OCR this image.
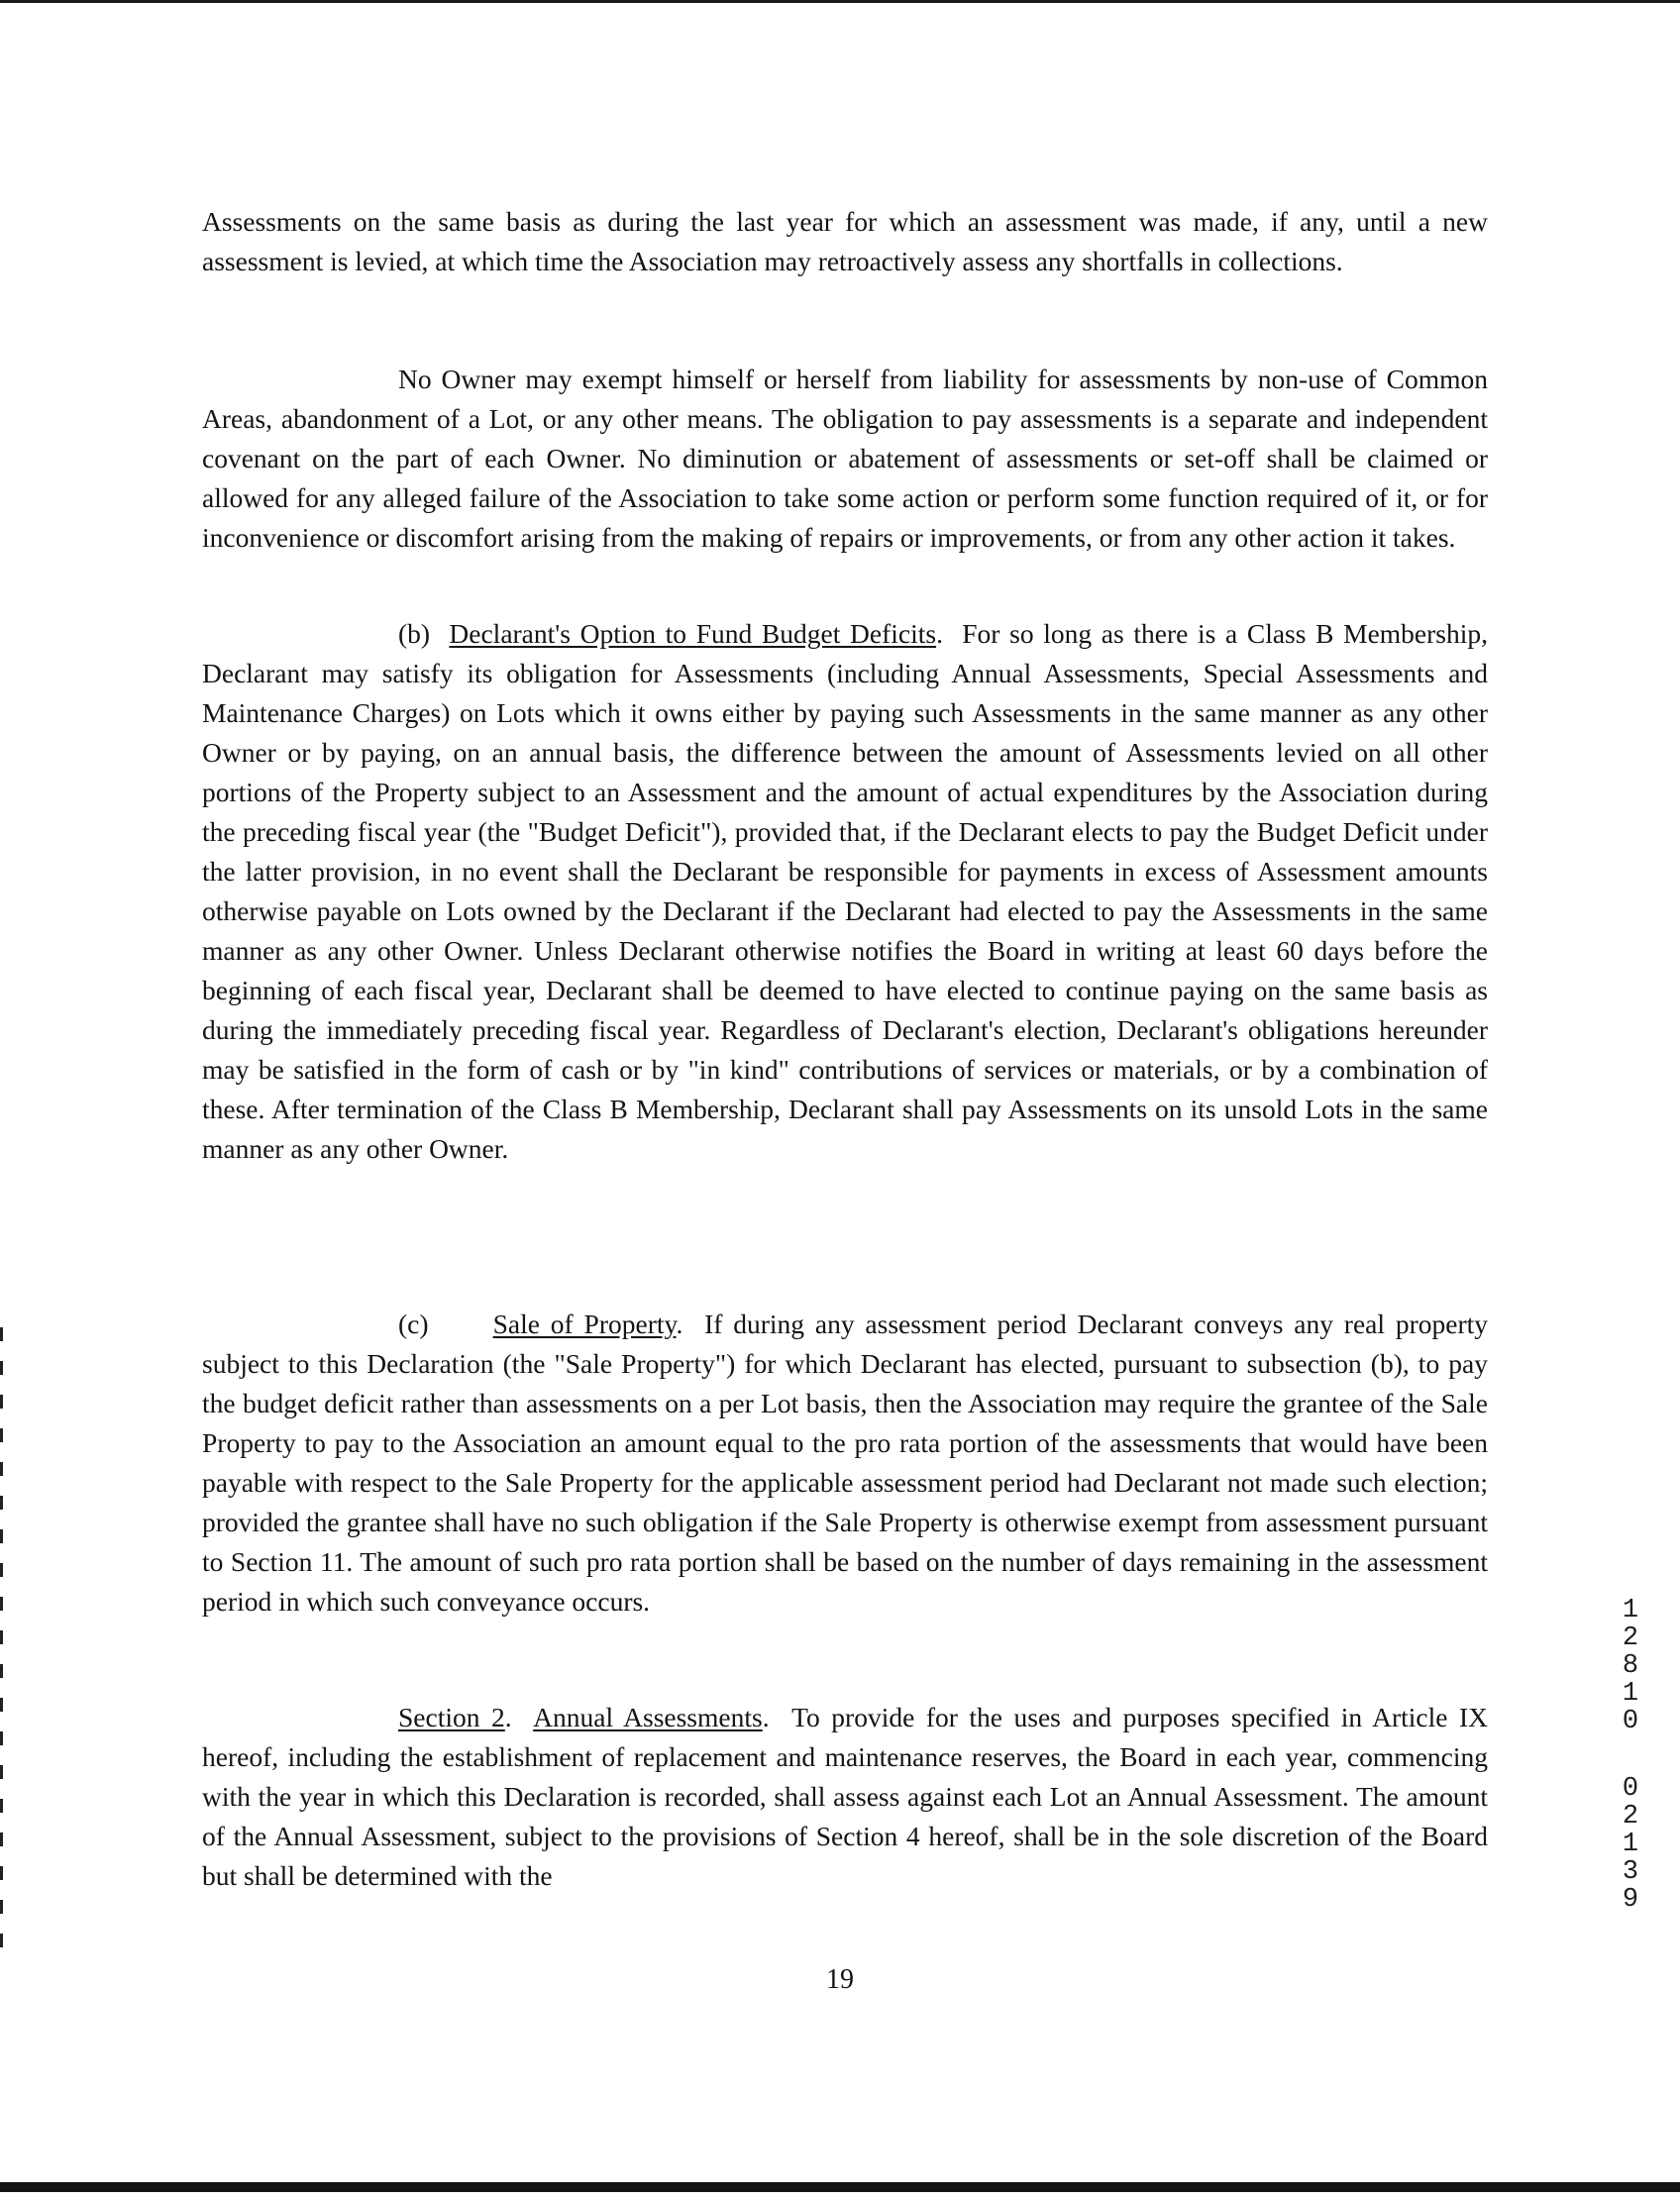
Assessments on the same basis as during the last year for which an assessment was made, if any, until a new assessment is levied, at which time the Association may retroactively assess any shortfalls in collections.

No Owner may exempt himself or herself from liability for assessments by non-use of Common Areas, abandonment of a Lot, or any other means. The obligation to pay assessments is a separate and independent covenant on the part of each Owner. No diminution or abatement of assessments or set-off shall be claimed or allowed for any alleged failure of the Association to take some action or perform some function required of it, or for inconvenience or discomfort arising from the making of repairs or improvements, or from any other action it takes.

(b) Declarant's Option to Fund Budget Deficits.  For so long as there is a Class B Membership, Declarant may satisfy its obligation for Assessments (including Annual Assessments, Special Assessments and Maintenance Charges) on Lots which it owns either by paying such Assessments in the same manner as any other Owner or by paying, on an annual basis, the difference between the amount of Assessments levied on all other portions of the Property subject to an Assessment and the amount of actual expenditures by the Association during the preceding fiscal year (the "Budget Deficit"), provided that, if the Declarant elects to pay the Budget Deficit under the latter provision, in no event shall the Declarant be responsible for payments in excess of Assessment amounts otherwise payable on Lots owned by the Declarant if the Declarant had elected to pay the Assessments in the same manner as any other Owner. Unless Declarant otherwise notifies the Board in writing at least 60 days before the beginning of each fiscal year, Declarant shall be deemed to have elected to continue paying on the same basis as during the immediately preceding fiscal year. Regardless of Declarant's election, Declarant's obligations hereunder may be satisfied in the form of cash or by "in kind" contributions of services or materials, or by a combination of these. After termination of the Class B Membership, Declarant shall pay Assessments on its unsold Lots in the same manner as any other Owner.

(c) Sale of Property.  If during any assessment period Declarant conveys any real property subject to this Declaration (the "Sale Property") for which Declarant has elected, pursuant to subsection (b), to pay the budget deficit rather than assessments on a per Lot basis, then the Association may require the grantee of the Sale Property to pay to the Association an amount equal to the pro rata portion of the assessments that would have been payable with respect to the Sale Property for the applicable assessment period had Declarant not made such election; provided the grantee shall have no such obligation if the Sale Property is otherwise exempt from assessment pursuant to Section 11. The amount of such pro rata portion shall be based on the number of days remaining in the assessment period in which such conveyance occurs.

Section 2.  Annual Assessments.  To provide for the uses and purposes specified in Article IX hereof, including the establishment of replacement and maintenance reserves, the Board in each year, commencing with the year in which this Declaration is recorded, shall assess against each Lot an Annual Assessment. The amount of the Annual Assessment, subject to the provisions of Section 4 hereof, shall be in the sole discretion of the Board but shall be determined with the

19
1
2
8
1
0
0
2
1
3
9
